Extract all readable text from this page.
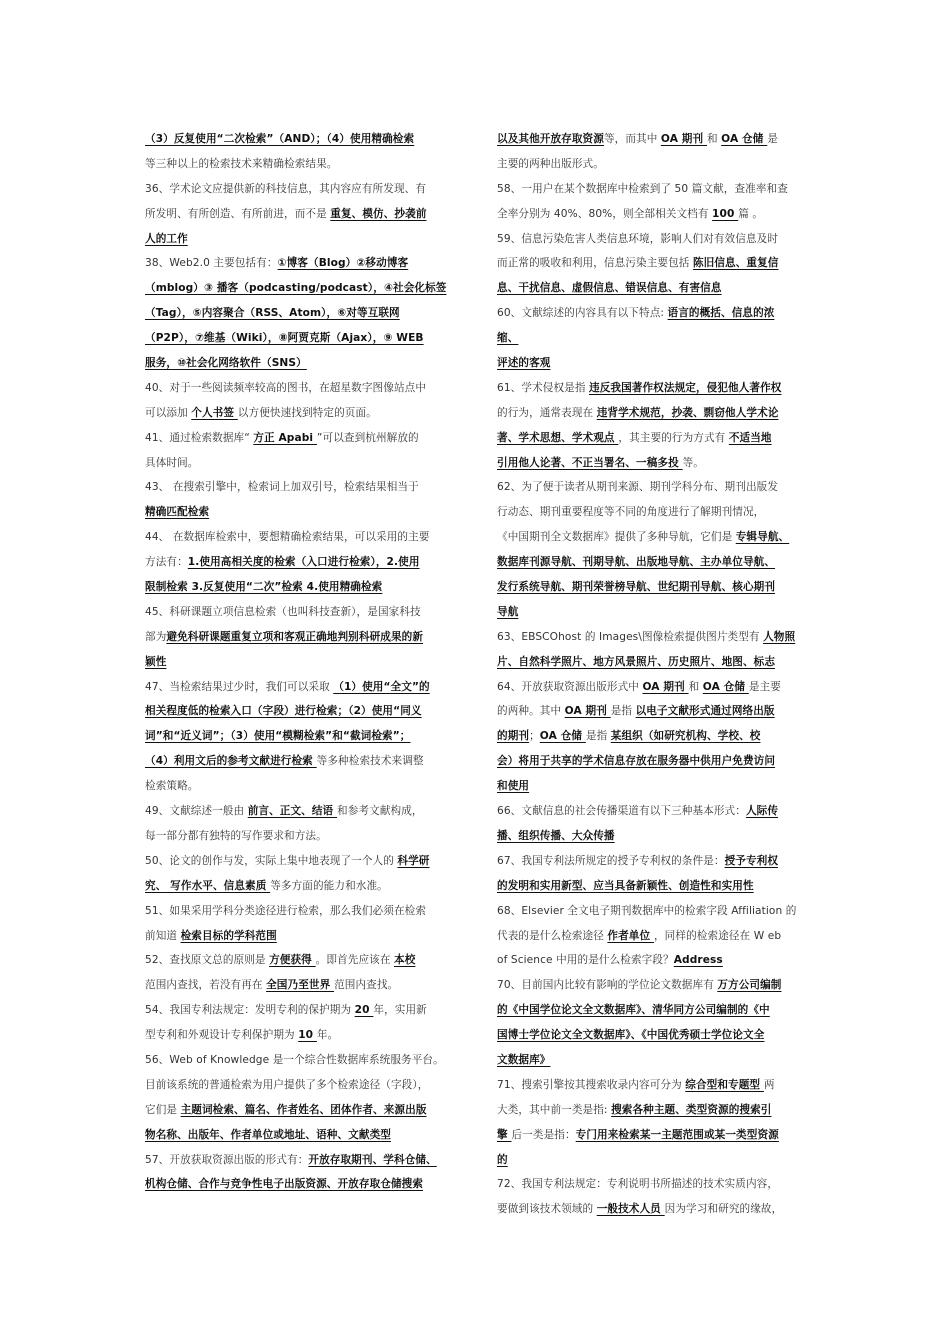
（3）反复使用“二次检索”（AND）；（4）使用精确检索
等三种以上的检索技术来精确检索结果。
36、学术论文应提供新的科技信息，其内容应有所发现、有
所发明、有所创造、有所前进，而不是 重复、模仿、抄袭前
人的工作
38、Web2.0 主要包括有：①博客（Blog）②移动博客
（mblog）③ 播客（podcasting/podcast），④社会化标签
（Tag），⑤内容聚合（RSS、Atom），⑥对等互联网
（P2P），⑦维基（Wiki），⑧阿贾克斯（Ajax），⑨ WEB
服务，⑩社会化网络软件（SNS）
40、对于一些阅读频率较高的图书，在超星数字图像站点中
可以添加 个人书签 以方便快速找到特定的页面。
41、通过检索数据库“ 方正 Apabi ”可以查到杭州解放的
具体时间。
43、 在搜索引擎中，检索词上加双引号，检索结果相当于
精确匹配检索
44、 在数据库检索中，要想精确检索结果，可以采用的主要
方法有：1.使用高相关度的检索（入口进行检索），2.使用
限制检索 3.反复使用“二次”检索 4.使用精确检索
45、科研课题立项信息检索（也叫科技查新），是国家科技
部为避免科研课题重复立项和客观正确地判别科研成果的新
颖性
47、当检索结果过少时，我们可以采取 （1）使用“全文”的
相关程度低的检索入口（字段）进行检索；（2）使用“同义
词”和“近义词”；（3）使用“模糊检索”和“截词检索”；
（4）利用文后的参考文献进行检索 等多种检索技术来调整
检索策略。
49、文献综述一般由 前言、正文、结语 和参考文献构成，
每一部分都有独特的写作要求和方法。
50、论文的创作与发，实际上集中地表现了一个人的 科学研
究、 写作水平、信息素质 等多方面的能力和水准。
51、如果采用学科分类途径进行检索，那么我们必须在检索
前知道 检索目标的学科范围
52、查找原文总的原则是 方便获得 。即首先应该在 本校
范围内查找，若没有再在 全国乃至世界 范围内查找。
54、我国专利法规定：发明专利的保护期为 20 年，实用新
型专利和外观设计专利保护期为 10 年。
56、Web of Knowledge 是一个综合性数据库系统服务平台。
目前该系统的普通检索为用户提供了多个检索途径（字段），
它们是 主题词检索、篇名、作者姓名、团体作者、来源出版
物名称、出版年、作者单位或地址、语种、文献类型
57、开放获取资源出版的形式有：开放存取期刊、学科仓储、
机构仓储、合作与竞争性电子出版资源、开放存取仓储搜索
以及其他开放存取资源等，而其中 OA 期刊 和 OA 仓储 是
主要的两种出版形式。
58、一用户在某个数据库中检索到了 50 篇文献，查准率和查
全率分别为 40%、80%，则全部相关文档有 100 篇 。
59、信息污染危害人类信息环境，影响人们对有效信息及时
而正常的吸收和利用，信息污染主要包括 陈旧信息、重复信
息、干扰信息、虚假信息、错误信息、有害信息
60、文献综述的内容具有以下特点: 语言的概括、信息的浓
缩、
评述的客观
61、学术侵权是指 违反我国著作权法规定，侵犯他人著作权
的行为，通常表现在 违背学术规范，抄袭、剽窃他人学术论
著、学术思想、学术观点 ，其主要的行为方式有 不适当地
引用他人论著、不正当署名、一稿多投 等。
62、为了便于读者从期刊来源、期刊学科分布、期刊出版发
行动态、期刊重要程度等不同的角度进行了解期刊情况，
《中国期刊全文数据库》提供了多种导航，它们是 专辑导航、
数据库刊源导航、刊期导航、出版地导航、主办单位导航、
发行系统导航、期刊荣誉榜导航、世纪期刊导航、核心期刊
导航
63、EBSCOhost 的 Images\图像检索提供图片类型有 人物照
片、自然科学照片、地方风景照片、历史照片、地图、标志
64、开放获取资源出版形式中 OA 期刊 和 OA 仓储 是主要
的两种。其中 OA 期刊 是指 以电子文献形式通过网络出版
的期刊；OA 仓储 是指 某组织（如研究机构、学校、校
会）将用于共享的学术信息存放在服务器中供用户免费访问
和使用
66、文献信息的社会传播渠道有以下三种基本形式：人际传
播、组织传播、大众传播
67、我国专利法所规定的授予专利权的条件是：授予专利权
的发明和实用新型、应当具备新颖性、创造性和实用性
68、Elsevier 全文电子期刊数据库中的检索字段 Affiliation 的
代表的是什么检索途径 作者单位 ，同样的检索途径在 W eb
of Science 中用的是什么检索字段？Address
70、目前国内比较有影响的学位论文数据库有 万方公司编制
的《中国学位论文全文数据库》、清华同方公司编制的《中
国博士学位论文全文数据库》、《中国优秀硕士学位论文全
文数据库》
71、搜索引擎按其搜索收录内容可分为 综合型和专题型 两
大类，其中前一类是指: 搜索各种主题、类型资源的搜索引
擎 后一类是指：专门用来检索某一主题范围或某一类型资源
的
72、我国专利法规定：专利说明书所描述的技术实质内容，
要做到该技术领域的 一般技术人员 因为学习和研究的缘故，
